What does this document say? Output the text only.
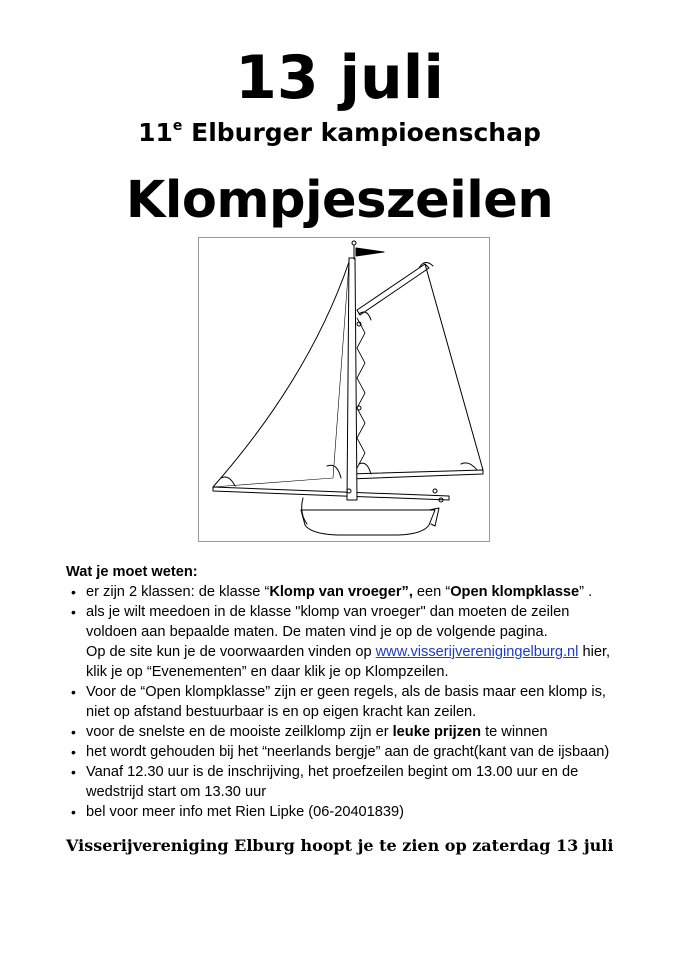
13 juli
11e Elburger kampioenschap
Klompjeszeilen
Wat je moet weten:
• er zijn 2 klassen: de klasse “Klomp van vroeger”, een “Open klompklasse” .
• als je wilt meedoen in de klasse "klomp van vroeger" dan moeten de zeilen
voldoen aan bepaalde maten. De maten vind je op de volgende pagina.
Op de site kun je de voorwaarden vinden op www.visserijverenigingelburg.nl hier,
klik je op “Evenementen” en daar klik je op Klompzeilen.
• Voor de “Open klompklasse” zijn er geen regels, als de basis maar een klomp is,
niet op afstand bestuurbaar is en op eigen kracht kan zeilen.
• voor de snelste en de mooiste zeilklomp zijn er leuke prijzen te winnen
• het wordt gehouden bij het “neerlands bergje” aan de gracht(kant van de ijsbaan)
• Vanaf 12.30 uur is de inschrijving, het proefzeilen begint om 13.00 uur en de
wedstrijd start om 13.30 uur
• bel voor meer info met Rien Lipke (06-20401839)
Visserijvereniging Elburg hoopt je te zien op zaterdag 13 juli
